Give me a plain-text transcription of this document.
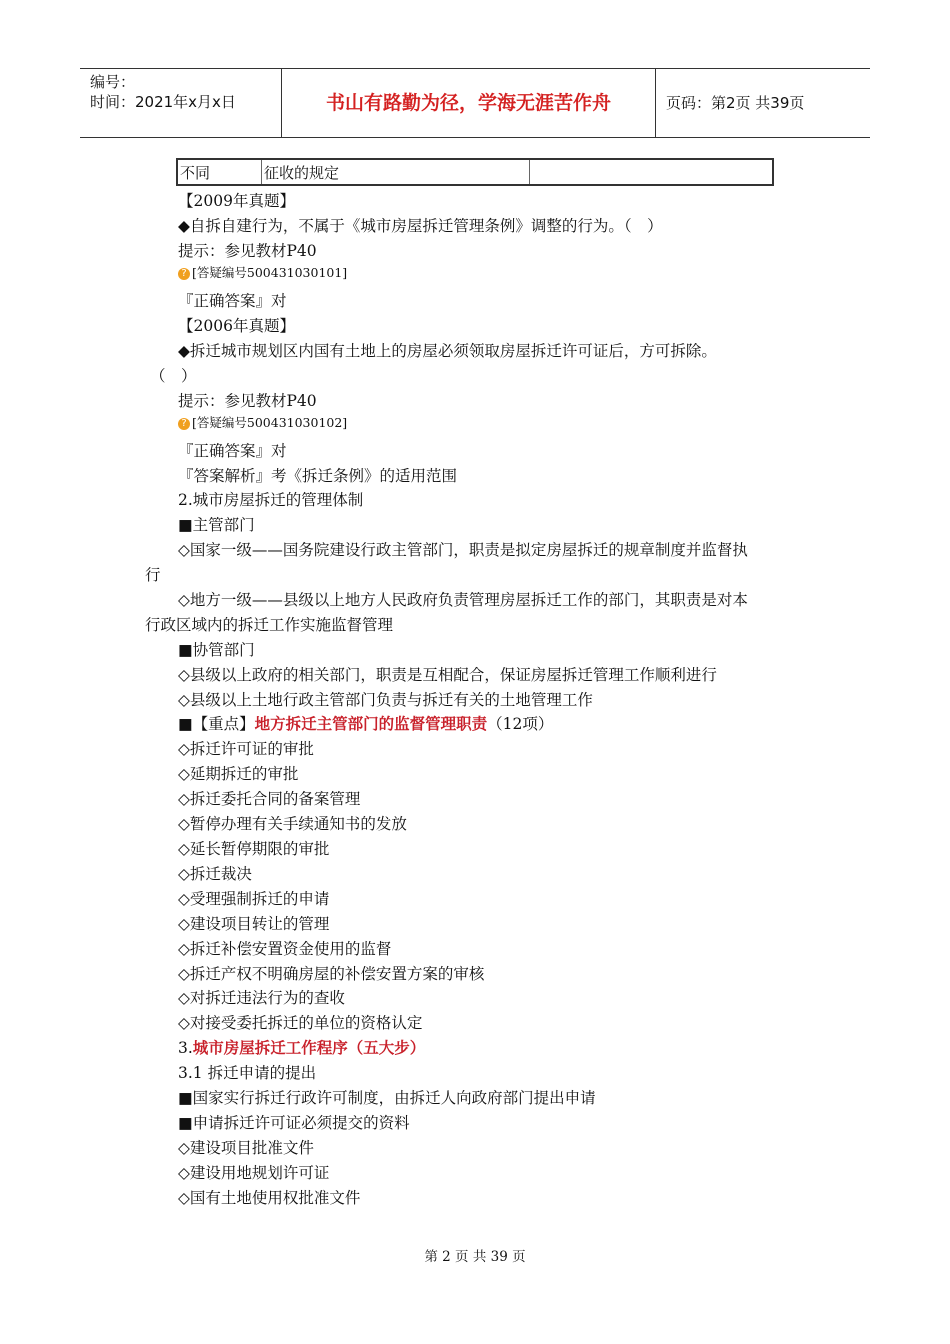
编号：
时间：2021年x月x日	书山有路勤为径，学海无涯苦作舟	页码：第2页 共39页
不同	征收的规定
【2009年真题】
◆自拆自建行为，不属于《城市房屋拆迁管理条例》调整的行为。（　）
提示：参见教材P40
? [答疑编号500431030101]
『正确答案』对
【2006年真题】
◆拆迁城市规划区内国有土地上的房屋必须领取房屋拆迁许可证后，方可拆除。
（　）
提示：参见教材P40
? [答疑编号500431030102]
『正确答案』对
『答案解析』考《拆迁条例》的适用范围
2.城市房屋拆迁的管理体制
■主管部门
◇国家一级——国务院建设行政主管部门，职责是拟定房屋拆迁的规章制度并监督执
行
◇地方一级——县级以上地方人民政府负责管理房屋拆迁工作的部门，其职责是对本
行政区域内的拆迁工作实施监督管理
■协管部门
◇县级以上政府的相关部门，职责是互相配合，保证房屋拆迁管理工作顺利进行
◇县级以上土地行政主管部门负责与拆迁有关的土地管理工作
■【重点】地方拆迁主管部门的监督管理职责（12项）
◇拆迁许可证的审批
◇延期拆迁的审批
◇拆迁委托合同的备案管理
◇暂停办理有关手续通知书的发放
◇延长暂停期限的审批
◇拆迁裁决
◇受理强制拆迁的申请
◇建设项目转让的管理
◇拆迁补偿安置资金使用的监督
◇拆迁产权不明确房屋的补偿安置方案的审核
◇对拆迁违法行为的查收
◇对接受委托拆迁的单位的资格认定
3.城市房屋拆迁工作程序（五大步）
3.1 拆迁申请的提出
■国家实行拆迁行政许可制度，由拆迁人向政府部门提出申请
■申请拆迁许可证必须提交的资料
◇建设项目批准文件
◇建设用地规划许可证
◇国有土地使用权批准文件
第 2 页 共 39 页
